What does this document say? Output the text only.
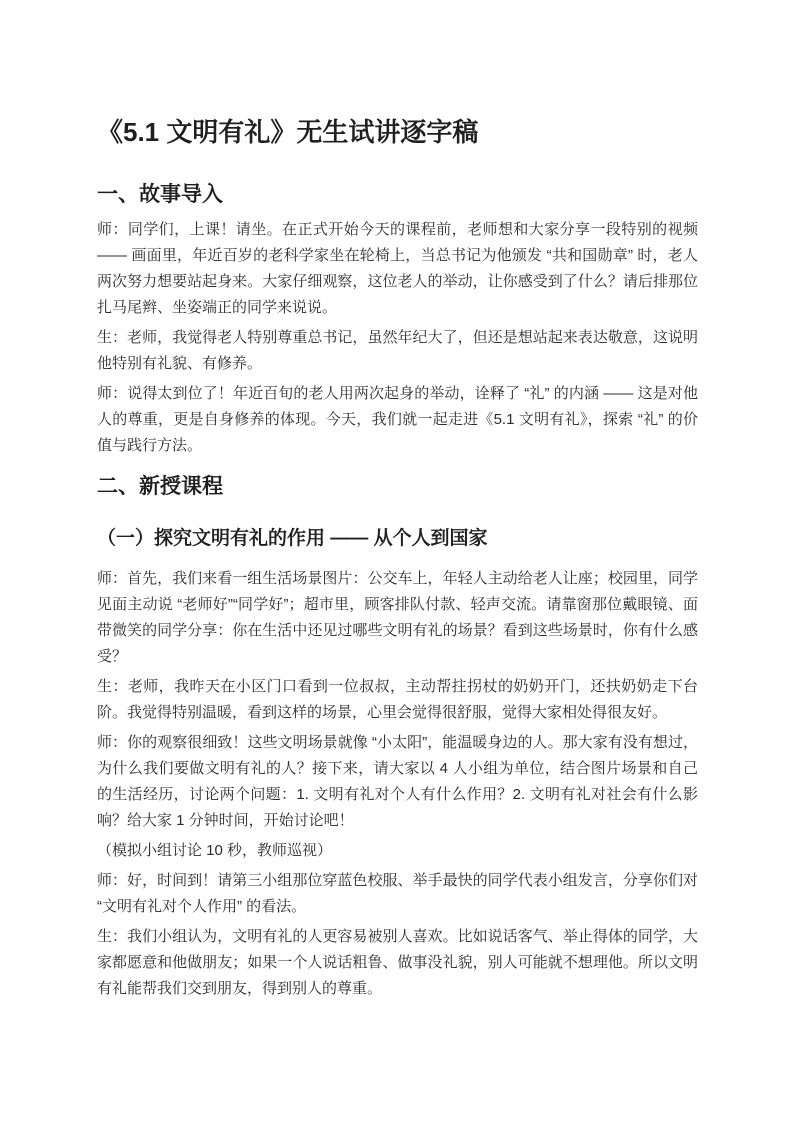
《5.1 文明有礼》无生试讲逐字稿
一、故事导入

师：同学们，上课！请坐。在正式开始今天的课程前，老师想和大家分享一段特别的视频 —— 画面里，年近百岁的老科学家坐在轮椅上，当总书记为他颁发 “共和国勋章” 时，老人两次努力想要站起身来。大家仔细观察，这位老人的举动，让你感受到了什么？请后排那位扎马尾辫、坐姿端正的同学来说说。

生：老师，我觉得老人特别尊重总书记，虽然年纪大了，但还是想站起来表达敬意，这说明他特别有礼貌、有修养。

师：说得太到位了！年近百旬的老人用两次起身的举动，诠释了 “礼” 的内涵 —— 这是对他人的尊重，更是自身修养的体现。今天，我们就一起走进《5.1 文明有礼》，探索 “礼” 的价值与践行方法。

二、新授课程
（一）探究文明有礼的作用 —— 从个人到国家

师：首先，我们来看一组生活场景图片：公交车上，年轻人主动给老人让座；校园里，同学见面主动说 “老师好”“同学好”；超市里，顾客排队付款、轻声交流。请靠窗那位戴眼镜、面带微笑的同学分享：你在生活中还见过哪些文明有礼的场景？看到这些场景时，你有什么感受？

生：老师，我昨天在小区门口看到一位叔叔，主动帮拄拐杖的奶奶开门，还扶奶奶走下台阶。我觉得特别温暖，看到这样的场景，心里会觉得很舒服，觉得大家相处得很友好。

师：你的观察很细致！这些文明场景就像 “小太阳”，能温暖身边的人。那大家有没有想过，为什么我们要做文明有礼的人？接下来，请大家以 4 人小组为单位，结合图片场景和自己的生活经历，讨论两个问题：1. 文明有礼对个人有什么作用？2. 文明有礼对社会有什么影响？给大家 1 分钟时间，开始讨论吧！

（模拟小组讨论 10 秒，教师巡视）

师：好，时间到！请第三小组那位穿蓝色校服、举手最快的同学代表小组发言，分享你们对 “文明有礼对个人作用” 的看法。

生：我们小组认为，文明有礼的人更容易被别人喜欢。比如说话客气、举止得体的同学，大家都愿意和他做朋友；如果一个人说话粗鲁、做事没礼貌，别人可能就不想理他。所以文明有礼能帮我们交到朋友，得到别人的尊重。
